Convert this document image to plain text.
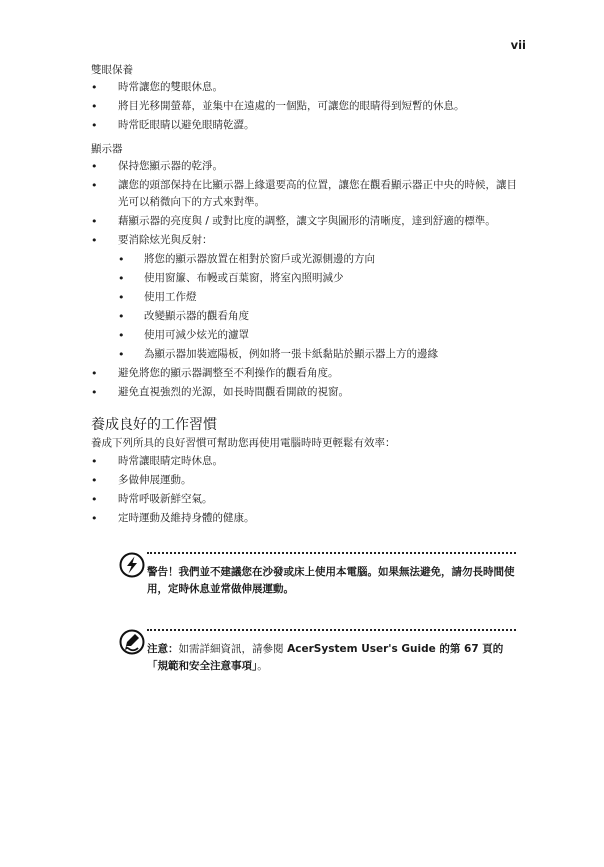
vii

雙眼保養

• 時常讓您的雙眼休息。
• 將目光移開螢幕，並集中在遠處的一個點，可讓您的眼睛得到短暫的休息。
• 時常眨眼睛以避免眼睛乾澀。

顯示器

• 保持您顯示器的乾淨。
• 讓您的頭部保持在比顯示器上緣還要高的位置，讓您在觀看顯示器正中央的時候，讓目光可以稍微向下的方式來對準。
• 藉顯示器的亮度與 / 或對比度的調整，讓文字與圖形的清晰度，達到舒適的標準。
• 要消除炫光與反射：
• 將您的顯示器放置在相對於窗戶或光源側邊的方向
• 使用窗簾、布幔或百葉窗，將室內照明減少
• 使用工作燈
• 改變顯示器的觀看角度
• 使用可減少炫光的濾罩
• 為顯示器加裝遮陽板，例如將一張卡紙黏貼於顯示器上方的邊緣
• 避免將您的顯示器調整至不利操作的觀看角度。
• 避免直視強烈的光源，如長時間觀看開啟的視窗。

養成良好的工作習慣

養成下列所具的良好習慣可幫助您再使用電腦時時更輕鬆有效率：

• 時常讓眼睛定時休息。
• 多做伸展運動。
• 時常呼吸新鮮空氣。
• 定時運動及維持身體的健康。
警告！我們並不建議您在沙發或床上使用本電腦。如果無法避免，請勿長時間使用，定時休息並常做伸展運動。
注意：如需詳細資訊，請參閱 AcerSystem User's Guide 的第 67 頁的「規範和安全注意事項」。
